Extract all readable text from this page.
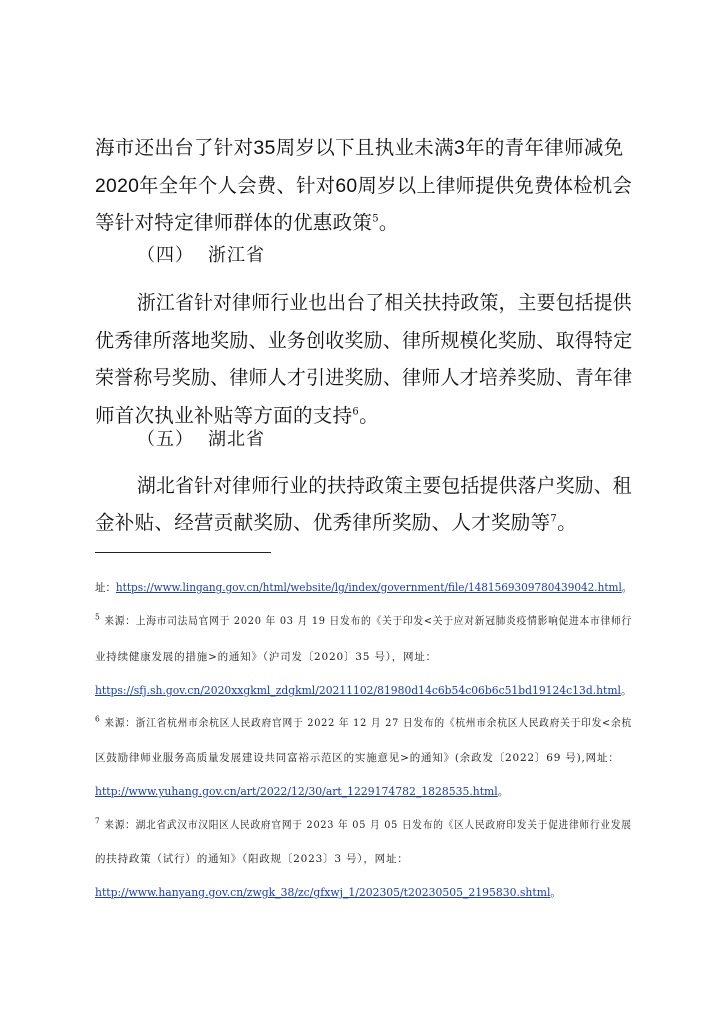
海市还出台了针对35周岁以下且执业未满3年的青年律师减免

2020年全年个人会费、针对60周岁以上律师提供免费体检机会

等针对特定律师群体的优惠政策$^5$。

（四） 浙江省

浙江省针对律师行业也出台了相关扶持政策，主要包括提供

优秀律所落地奖励、业务创收奖励、律所规模化奖励、取得特定

荣誉称号奖励、律师人才引进奖励、律师人才培养奖励、青年律

师首次执业补贴等方面的支持$^6$。

（五） 湖北省

湖北省针对律师行业的扶持政策主要包括提供落户奖励、租

金补贴、经营贡献奖励、优秀律所奖励、人才奖励等$^7$。

址：https://www.lingang.gov.cn/html/website/lg/index/government/file/1481569309780439042.html。

$^5$ 来源：上海市司法局官网于 2020 年 03 月 19 日发布的《关于印发<关于应对新冠肺炎疫情影响促进本市律师行

业持续健康发展的措施>的通知》（沪司发〔2020〕35 号），网址：

https://sfj.sh.gov.cn/2020xxgkml_zdgkml/20211102/81980d14c6b54c06b6c51bd19124c13d.html。

$^6$ 来源：浙江省杭州市余杭区人民政府官网于 2022 年 12 月 27 日发布的《杭州市余杭区人民政府关于印发<余杭

区鼓励律师业服务高质量发展建设共同富裕示范区的实施意见>的通知》(余政发〔2022〕69 号),网址：

http://www.yuhang.gov.cn/art/2022/12/30/art_1229174782_1828535.html。

$^7$ 来源：湖北省武汉市汉阳区人民政府官网于 2023 年 05 月 05 日发布的《区人民政府印发关于促进律师行业发展

的扶持政策（试行）的通知》（阳政规〔2023〕3 号），网址：

http://www.hanyang.gov.cn/zwgk_38/zc/gfxwj_1/202305/t20230505_2195830.shtml。
